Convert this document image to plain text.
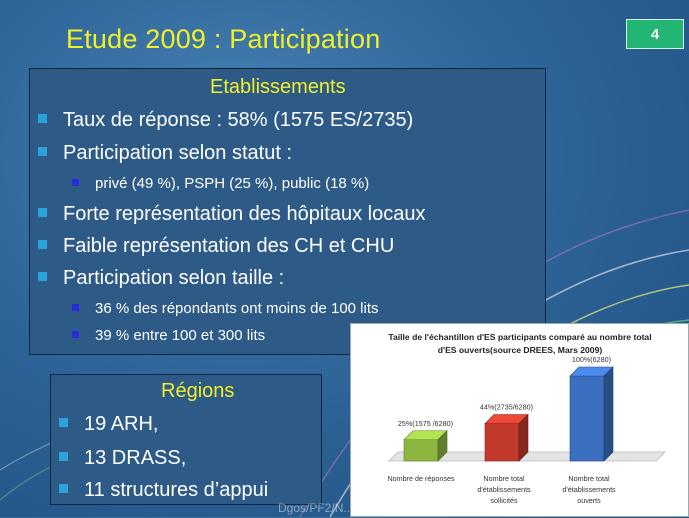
Etude 2009 : Participation	4
Etablissements
Taux de réponse : 58% (1575 ES/2735)
Participation selon statut :
privé (49 %), PSPH (25 %), public (18 %)
Forte représentation des hôpitaux locaux
Faible représentation des CH et CHU
Participation selon taille :
36 % des répondants ont moins de 100 lits
39 % entre 100 et 300 lits
Régions
19 ARH,
13 DRASS,
11 structures d’appui
Taille de l'échantillon d'ES participants comparé au nombre total
d'ES ouverts(source DREES, Mars 2009)
25%(1575 /6280)
Nombre de réponses
44%(2735/6280)
Nombre total
d'établissements
sollicités
100%(6280)
Nombre total
d'établissements
ouverts
Dgos/PF2/N...
